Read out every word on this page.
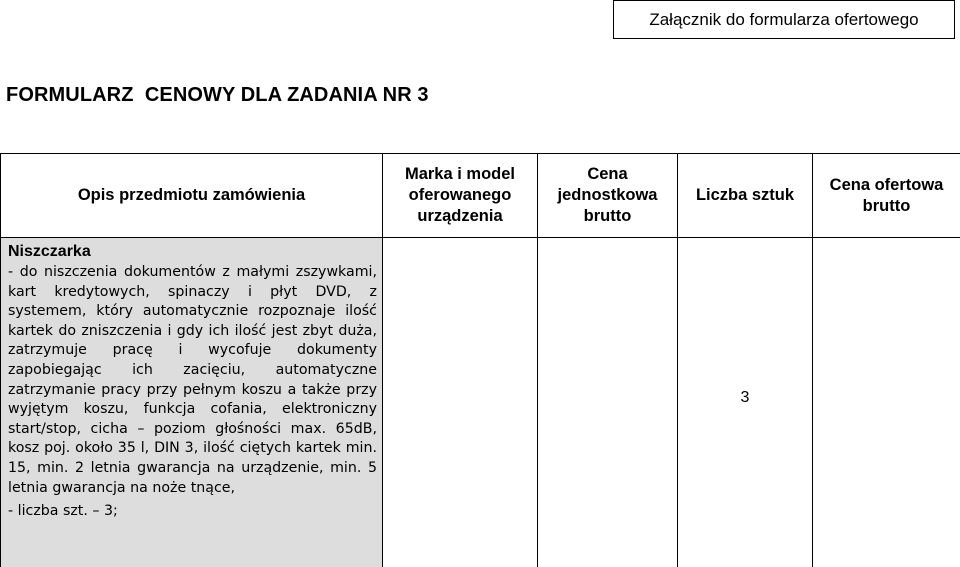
Załącznik do formularza ofertowego
FORMULARZ  CENOWY DLA ZADANIA NR 3
Opis przedmiotu zamówienia	Marka i model oferowanego urządzenia	Cena jednostkowa brutto	Liczba sztuk	Cena ofertowa brutto

Niszczarka

- do niszczenia dokumentów z małymi zszywkami, kart kredytowych, spinaczy i płyt DVD, z systemem, który automatycznie rozpoznaje ilość kartek do zniszczenia i gdy ich ilość jest zbyt duża, zatrzymuje pracę i wycofuje dokumenty zapobiegając ich zacięciu, automatyczne zatrzymanie pracy przy pełnym koszu a także przy wyjętym koszu, funkcja cofania, elektroniczny start/stop, cicha – poziom głośności max. 65dB, kosz poj. około 35 l, DIN 3, ilość ciętych kartek min. 15, min. 2 letnia gwarancja na urządzenie, min. 5 letnia gwarancja na noże tnące,

- liczba szt. – 3;			3	
